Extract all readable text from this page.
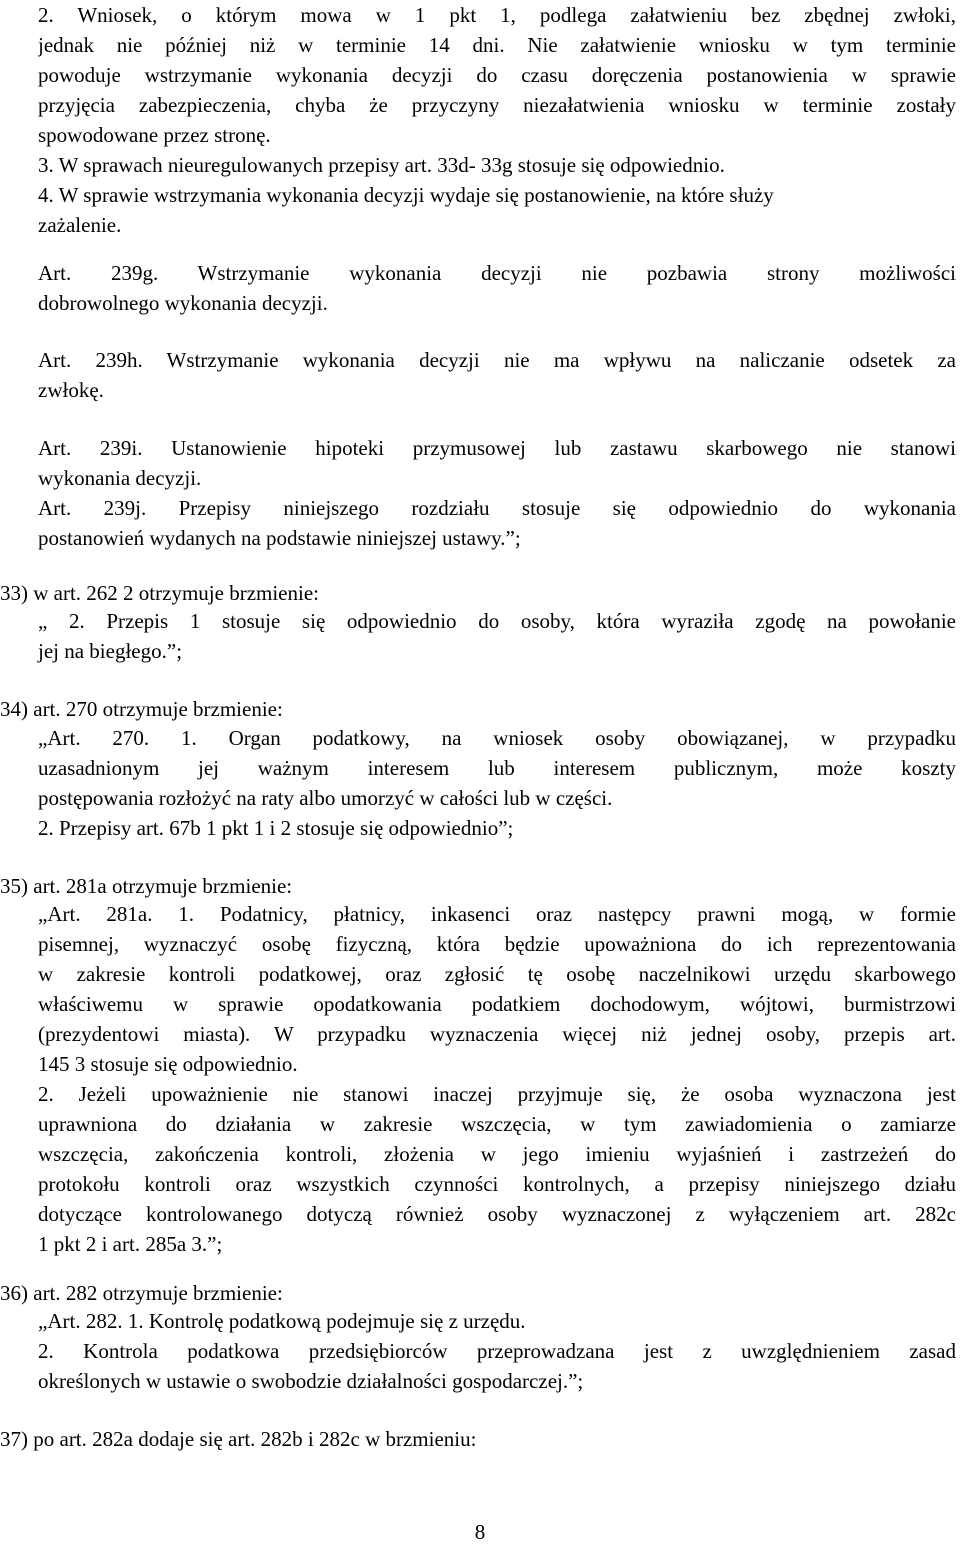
2. Wniosek, o którym mowa w 1 pkt 1, podlega załatwieniu bez zbędnej zwłoki,
jednak nie później niż w terminie 14 dni. Nie załatwienie wniosku w tym terminie
powoduje wstrzymanie wykonania decyzji do czasu doręczenia postanowienia w sprawie
przyjęcia zabezpieczenia, chyba że przyczyny niezałatwienia wniosku w terminie zostały
spowodowane przez stronę.
3. W sprawach nieuregulowanych przepisy art. 33d- 33g stosuje się odpowiednio.
4. W sprawie wstrzymania wykonania decyzji wydaje się postanowienie, na które służy
zażalenie.
Art. 239g. Wstrzymanie wykonania decyzji nie pozbawia strony możliwości
dobrowolnego wykonania decyzji.
Art. 239h. Wstrzymanie wykonania decyzji nie ma wpływu na naliczanie odsetek za
zwłokę.
Art. 239i. Ustanowienie hipoteki przymusowej lub zastawu skarbowego nie stanowi
wykonania decyzji.
Art. 239j. Przepisy niniejszego rozdziału stosuje się odpowiednio do wykonania
postanowień wydanych na podstawie niniejszej ustawy.”;
33) w art. 262 2 otrzymuje brzmienie:
„ 2. Przepis 1 stosuje się odpowiednio do osoby, która wyraziła zgodę na powołanie
jej na biegłego.”;
34) art. 270 otrzymuje brzmienie:
„Art. 270. 1. Organ podatkowy, na wniosek osoby obowiązanej, w przypadku
uzasadnionym jej ważnym interesem lub interesem publicznym, może koszty
postępowania rozłożyć na raty albo umorzyć w całości lub w części.
2. Przepisy art. 67b 1 pkt 1 i 2 stosuje się odpowiednio”;
35) art. 281a otrzymuje brzmienie:
„Art. 281a. 1. Podatnicy, płatnicy, inkasenci oraz następcy prawni mogą, w formie
pisemnej, wyznaczyć osobę fizyczną, która będzie upoważniona do ich reprezentowania
w zakresie kontroli podatkowej, oraz zgłosić tę osobę naczelnikowi urzędu skarbowego
właściwemu w sprawie opodatkowania podatkiem dochodowym, wójtowi, burmistrzowi
(prezydentowi miasta). W przypadku wyznaczenia więcej niż jednej osoby, przepis art.
145 3 stosuje się odpowiednio.
2. Jeżeli upoważnienie nie stanowi inaczej przyjmuje się, że osoba wyznaczona jest
uprawniona do działania w zakresie wszczęcia, w tym zawiadomienia o zamiarze
wszczęcia, zakończenia kontroli, złożenia w jego imieniu wyjaśnień i zastrzeżeń do
protokołu kontroli oraz wszystkich czynności kontrolnych, a przepisy niniejszego działu
dotyczące kontrolowanego dotyczą również osoby wyznaczonej z wyłączeniem art. 282c
1 pkt 2 i art. 285a 3.”;
36) art. 282 otrzymuje brzmienie:
„Art. 282. 1. Kontrolę podatkową podejmuje się z urzędu.
2. Kontrola podatkowa przedsiębiorców przeprowadzana jest z uwzględnieniem zasad
określonych w ustawie o swobodzie działalności gospodarczej.”;
37) po art. 282a dodaje się art. 282b i 282c w brzmieniu:
8
